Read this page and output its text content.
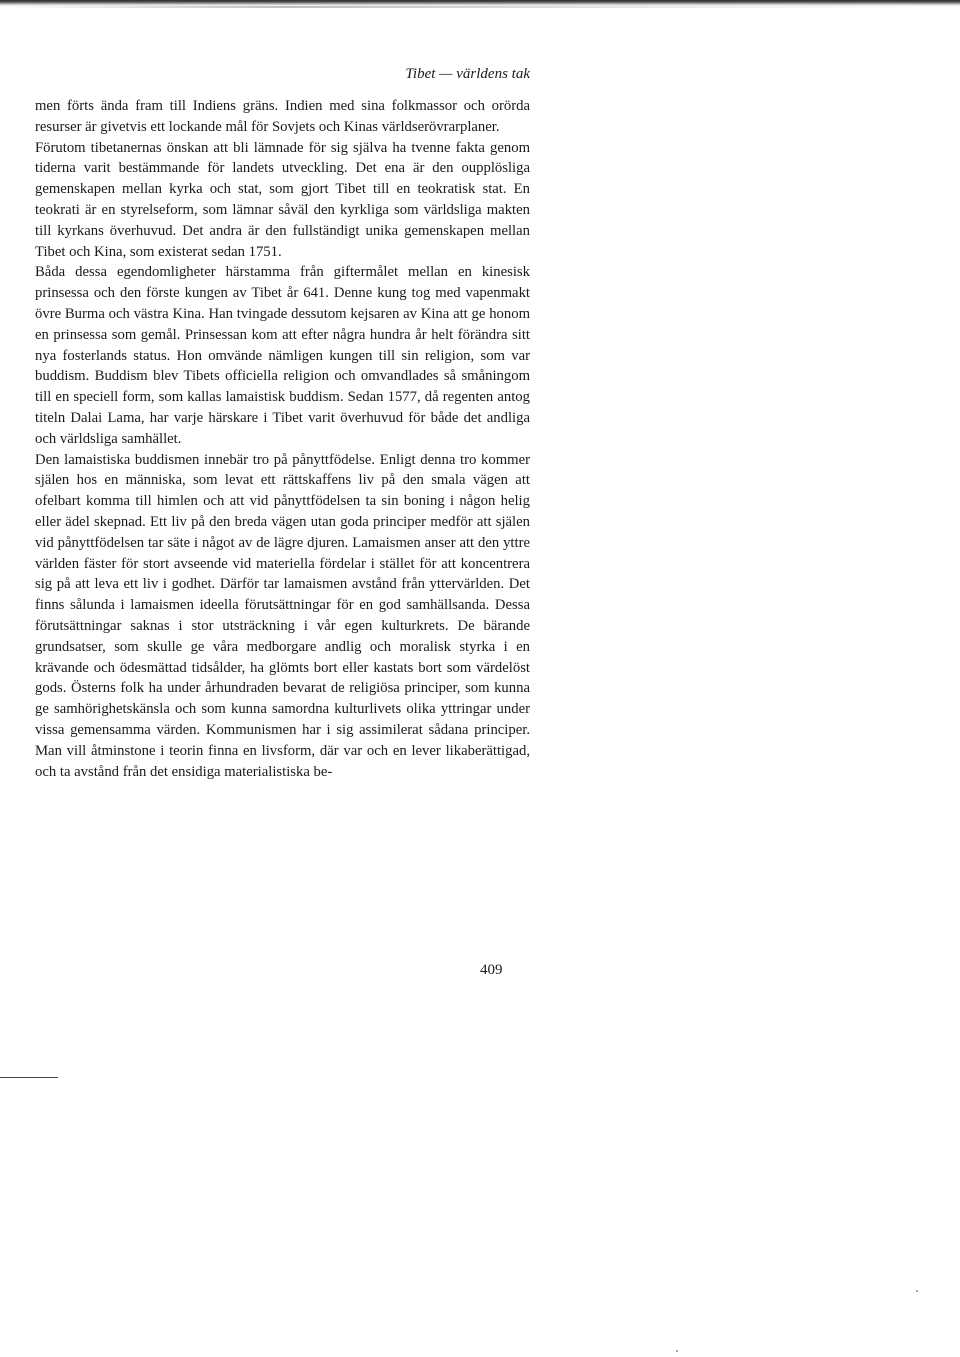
Tibet — världens tak

men förts ända fram till Indiens gräns. Indien med sina folkmassor och orörda resurser är givetvis ett lockande mål för Sovjets och Kinas världserövrarplaner.

Förutom tibetanernas önskan att bli lämnade för sig själva ha tvenne fakta genom tiderna varit bestämmande för landets utveckling. Det ena är den oupplösliga gemenskapen mellan kyrka och stat, som gjort Tibet till en teokratisk stat. En teokrati är en styrelseform, som lämnar såväl den kyrkliga som världsliga makten till kyrkans överhuvud. Det andra är den fullständigt unika gemenskapen mellan Tibet och Kina, som existerat sedan 1751.

Båda dessa egendomligheter härstamma från giftermålet mellan en kinesisk prinsessa och den förste kungen av Tibet år 641. Denne kung tog med vapenmakt övre Burma och västra Kina. Han tvingade dessutom kejsaren av Kina att ge honom en prinsessa som gemål. Prinsessan kom att efter några hundra år helt förändra sitt nya fosterlands status. Hon omvände nämligen kungen till sin religion, som var buddism. Buddism blev Tibets officiella religion och omvandlades så småningom till en speciell form, som kallas lamaistisk buddism. Sedan 1577, då regenten antog titeln Dalai Lama, har varje härskare i Tibet varit överhuvud för både det andliga och världsliga samhället.

Den lamaistiska buddismen innebär tro på pånyttfödelse. Enligt denna tro kommer själen hos en människa, som levat ett rättskaffens liv på den smala vägen att ofelbart komma till himlen och att vid pånyttfödelsen ta sin boning i någon helig eller ädel skepnad. Ett liv på den breda vägen utan goda principer medför att själen vid pånyttfödelsen tar säte i något av de lägre djuren. Lamaismen anser att den yttre världen fäster för stort avseende vid materiella fördelar i stället för att koncentrera sig på att leva ett liv i godhet. Därför tar lamaismen avstånd från yttervärlden. Det finns sålunda i lamaismen ideella förutsättningar för en god samhällsanda. Dessa förutsättningar saknas i stor utsträckning i vår egen kulturkrets. De bärande grundsatser, som skulle ge våra medborgare andlig och moralisk styrka i en krävande och ödesmättad tidsålder, ha glömts bort eller kastats bort som värdelöst gods. Österns folk ha under århundraden bevarat de religiösa principer, som kunna ge samhörighetskänsla och som kunna samordna kulturlivets olika yttringar under vissa gemensamma värden. Kommunismen har i sig assimilerat sådana principer. Man vill åtminstone i teorin finna en livsform, där var och en lever likaberättigad, och ta avstånd från det ensidiga materialistiska be-

409
